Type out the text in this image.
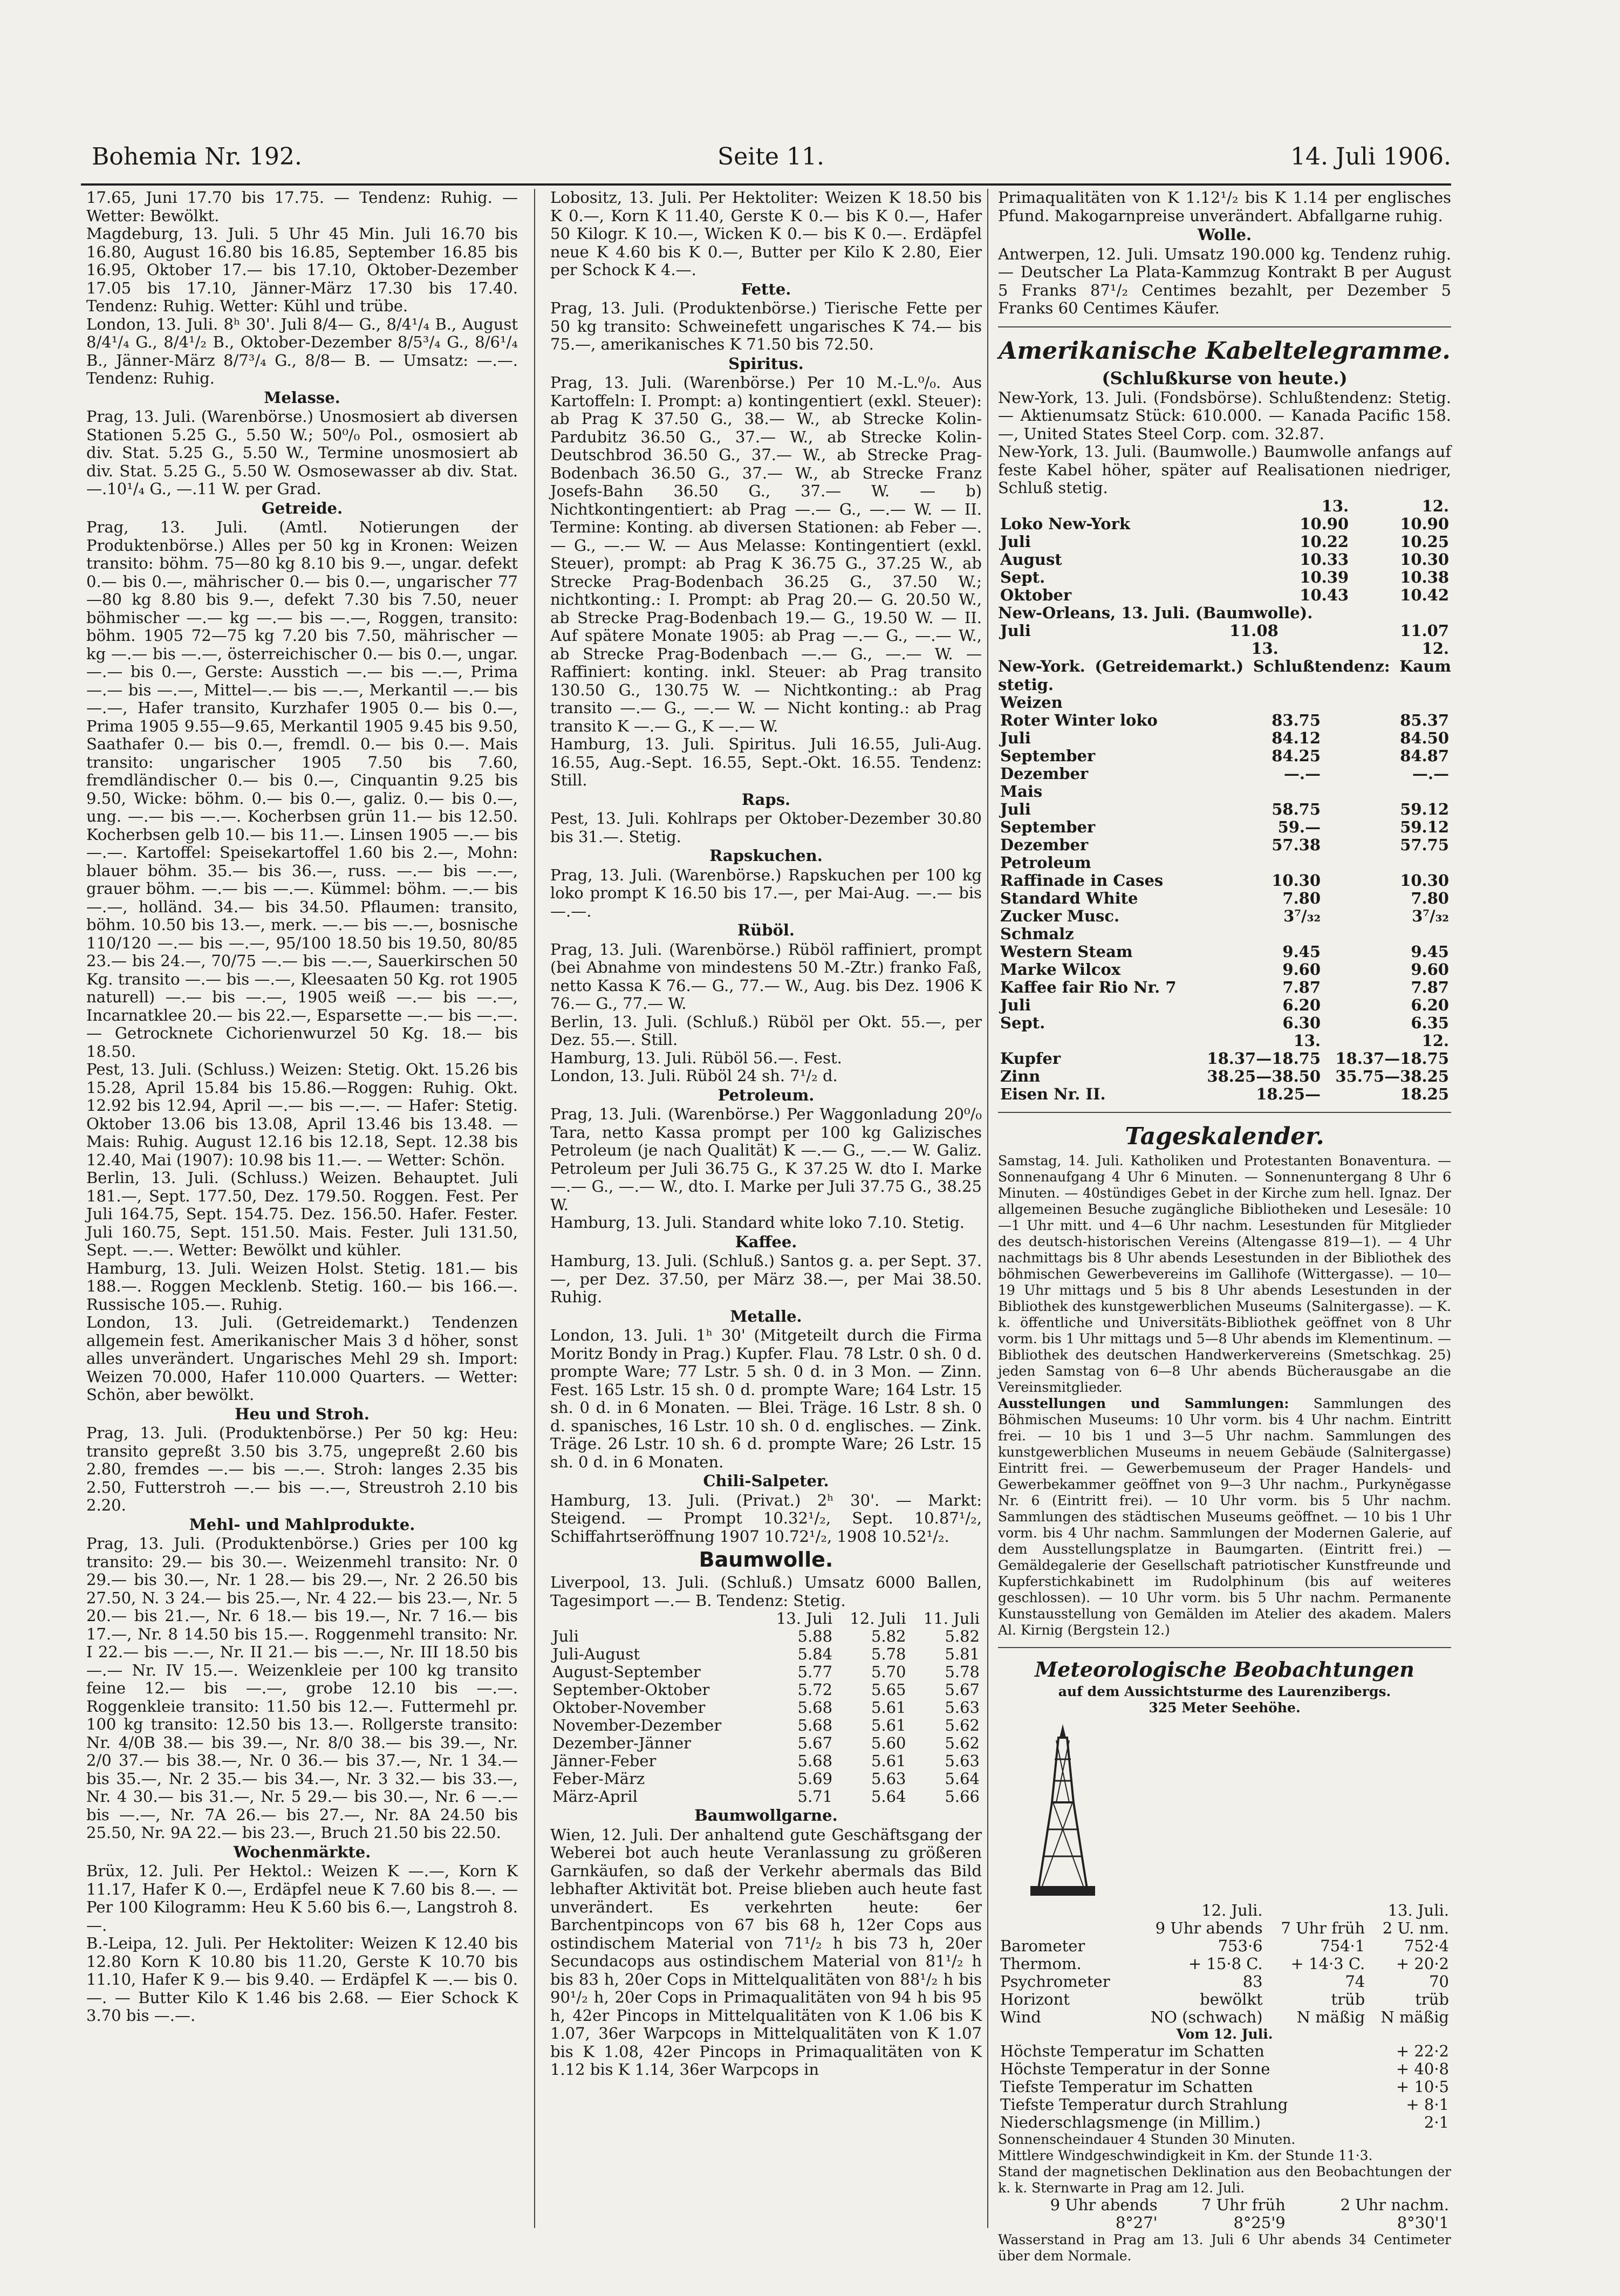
Bohemia Nr. 192.	Seite 11.	14. Juli 1906.

17.65, Juni 17.70 bis 17.75. — Tendenz: Ruhig. — Wetter: Bewölkt.

Magdeburg, 13. Juli. 5 Uhr 45 Min. Juli 16.70 bis 16.80, August 16.80 bis 16.85, September 16.85 bis 16.95, Oktober 17.— bis 17.10, Oktober-Dezember 17.05 bis 17.10, Jänner-März 17.30 bis 17.40. Tendenz: Ruhig. Wetter: Kühl und trübe.

London, 13. Juli. 8ʰ 30'. Juli 8/4— G., 8/4¹/₄ B., August 8/4¹/₄ G., 8/4¹/₂ B., Oktober-Dezember 8/5³/₄ G., 8/6¹/₄ B., Jänner-März 8/7³/₄ G., 8/8— B. — Umsatz: —.—. Tendenz: Ruhig.

Melasse.

Prag, 13. Juli. (Warenbörse.) Unosmosiert ab diversen Stationen 5.25 G., 5.50 W.; 50⁰/₀ Pol., osmosiert ab div. Stat. 5.25 G., 5.50 W., Termine unosmosiert ab div. Stat. 5.25 G., 5.50 W. Osmosewasser ab div. Stat. —.10¹/₄ G., —.11 W. per Grad.

Getreide.

Prag, 13. Juli. (Amtl. Notierungen der Produktenbörse.) Alles per 50 kg in Kronen: Weizen transito: böhm. 75—80 kg 8.10 bis 9.—, ungar. defekt 0.— bis 0.—, mährischer 0.— bis 0.—, ungarischer 77—80 kg 8.80 bis 9.—, defekt 7.30 bis 7.50, neuer böhmischer —.— kg —.— bis —.—, Roggen, transito: böhm. 1905 72—75 kg 7.20 bis 7.50, mährischer — kg —.— bis —.—, österreichischer 0.— bis 0.—, ungar. —.— bis 0.—, Gerste: Ausstich —.— bis —.—, Prima —.— bis —.—, Mittel—.— bis —.—, Merkantil —.— bis —.—, Hafer transito, Kurzhafer 1905 0.— bis 0.—, Prima 1905 9.55—9.65, Merkantil 1905 9.45 bis 9.50, Saathafer 0.— bis 0.—, fremdl. 0.— bis 0.—. Mais transito: ungarischer 1905 7.50 bis 7.60, fremdländischer 0.— bis 0.—, Cinquantin 9.25 bis 9.50, Wicke: böhm. 0.— bis 0.—, galiz. 0.— bis 0.—, ung. —.— bis —.—. Kocherbsen grün 11.— bis 12.50. Kocherbsen gelb 10.— bis 11.—. Linsen 1905 —.— bis —.—. Kartoffel: Speisekartoffel 1.60 bis 2.—, Mohn: blauer böhm. 35.— bis 36.—, russ. —.— bis —.—, grauer böhm. —.— bis —.—. Kümmel: böhm. —.— bis —.—, holländ. 34.— bis 34.50. Pflaumen: transito, böhm. 10.50 bis 13.—, merk. —.— bis —.—, bosnische 110/120 —.— bis —.—, 95/100 18.50 bis 19.50, 80/85 23.— bis 24.—, 70/75 —.— bis —.—, Sauerkirschen 50 Kg. transito —.— bis —.—, Kleesaaten 50 Kg. rot 1905 naturell) —.— bis —.—, 1905 weiß —.— bis —.—, Incarnatklee 20.— bis 22.—, Esparsette —.— bis —.—. — Getrocknete Cichorienwurzel 50 Kg. 18.— bis 18.50.

Pest, 13. Juli. (Schluss.) Weizen: Stetig. Okt. 15.26 bis 15.28, April 15.84 bis 15.86.—Roggen: Ruhig. Okt. 12.92 bis 12.94, April —.— bis —.—. — Hafer: Stetig. Oktober 13.06 bis 13.08, April 13.46 bis 13.48. — Mais: Ruhig. August 12.16 bis 12.18, Sept. 12.38 bis 12.40, Mai (1907): 10.98 bis 11.—. — Wetter: Schön.

Berlin, 13. Juli. (Schluss.) Weizen. Behauptet. Juli 181.—, Sept. 177.50, Dez. 179.50. Roggen. Fest. Per Juli 164.75, Sept. 154.75. Dez. 156.50. Hafer. Fester. Juli 160.75, Sept. 151.50. Mais. Fester. Juli 131.50, Sept. —.—. Wetter: Bewölkt und kühler.

Hamburg, 13. Juli. Weizen Holst. Stetig. 181.— bis 188.—. Roggen Mecklenb. Stetig. 160.— bis 166.—. Russische 105.—. Ruhig.

London, 13. Juli. (Getreidemarkt.) Tendenzen allgemein fest. Amerikanischer Mais 3 d höher, sonst alles unverändert. Ungarisches Mehl 29 sh. Import: Weizen 70.000, Hafer 110.000 Quarters. — Wetter: Schön, aber bewölkt.

Heu und Stroh.

Prag, 13. Juli. (Produktenbörse.) Per 50 kg: Heu: transito gepreßt 3.50 bis 3.75, ungepreßt 2.60 bis 2.80, fremdes —.— bis —.—. Stroh: langes 2.35 bis 2.50, Futterstroh —.— bis —.—, Streustroh 2.10 bis 2.20.

Mehl- und Mahlprodukte.

Prag, 13. Juli. (Produktenbörse.) Gries per 100 kg transito: 29.— bis 30.—. Weizenmehl transito: Nr. 0 29.— bis 30.—, Nr. 1 28.— bis 29.—, Nr. 2 26.50 bis 27.50, N. 3 24.— bis 25.—, Nr. 4 22.— bis 23.—, Nr. 5 20.— bis 21.—, Nr. 6 18.— bis 19.—, Nr. 7 16.— bis 17.—, Nr. 8 14.50 bis 15.—. Roggenmehl transito: Nr. I 22.— bis —.—, Nr. II 21.— bis —.—, Nr. III 18.50 bis —.— Nr. IV 15.—. Weizenkleie per 100 kg transito feine 12.— bis —.—, grobe 12.10 bis —.—. Roggenkleie transito: 11.50 bis 12.—. Futtermehl pr. 100 kg transito: 12.50 bis 13.—. Rollgerste transito: Nr. 4/0B 38.— bis 39.—, Nr. 8/0 38.— bis 39.—, Nr. 2/0 37.— bis 38.—, Nr. 0 36.— bis 37.—, Nr. 1 34.— bis 35.—, Nr. 2 35.— bis 34.—, Nr. 3 32.— bis 33.—, Nr. 4 30.— bis 31.—, Nr. 5 29.— bis 30.—, Nr. 6 —.— bis —.—, Nr. 7A 26.— bis 27.—, Nr. 8A 24.50 bis 25.50, Nr. 9A 22.— bis 23.—, Bruch 21.50 bis 22.50.

Wochenmärkte.

Brüx, 12. Juli. Per Hektol.: Weizen K —.—, Korn K 11.17, Hafer K 0.—, Erdäpfel neue K 7.60 bis 8.—. — Per 100 Kilogramm: Heu K 5.60 bis 6.—, Langstroh 8.—.

B.-Leipa, 12. Juli. Per Hektoliter: Weizen K 12.40 bis 12.80 Korn K 10.80 bis 11.20, Gerste K 10.70 bis 11.10, Hafer K 9.— bis 9.40. — Erdäpfel K —.— bis 0.—. — Butter Kilo K 1.46 bis 2.68. — Eier Schock K 3.70 bis —.—.

Lobositz, 13. Juli. Per Hektoliter: Weizen K 18.50 bis K 0.—, Korn K 11.40, Gerste K 0.— bis K 0.—, Hafer 50 Kilogr. K 10.—, Wicken K 0.— bis K 0.—. Erdäpfel neue K 4.60 bis K 0.—, Butter per Kilo K 2.80, Eier per Schock K 4.—.

Fette.

Prag, 13. Juli. (Produktenbörse.) Tierische Fette per 50 kg transito: Schweinefett ungarisches K 74.— bis 75.—, amerikanisches K 71.50 bis 72.50.

Spiritus.

Prag, 13. Juli. (Warenbörse.) Per 10 M.-L.⁰/₀. Aus Kartoffeln: I. Prompt: a) kontingentiert (exkl. Steuer): ab Prag K 37.50 G., 38.— W., ab Strecke Kolin-Pardubitz 36.50 G., 37.— W., ab Strecke Kolin-Deutschbrod 36.50 G., 37.— W., ab Strecke Prag-Bodenbach 36.50 G., 37.— W., ab Strecke Franz Josefs-Bahn 36.50 G., 37.— W. — b) Nichtkontingentiert: ab Prag —.— G., —.— W. — II. Termine: Konting. ab diversen Stationen: ab Feber —.— G., —.— W. — Aus Melasse: Kontingentiert (exkl. Steuer), prompt: ab Prag K 36.75 G., 37.25 W., ab Strecke Prag-Bodenbach 36.25 G., 37.50 W.; nichtkonting.: I. Prompt: ab Prag 20.— G. 20.50 W., ab Strecke Prag-Bodenbach 19.— G., 19.50 W. — II. Auf spätere Monate 1905: ab Prag —.— G., —.— W., ab Strecke Prag-Bodenbach —.— G., —.— W. — Raffiniert: konting. inkl. Steuer: ab Prag transito 130.50 G., 130.75 W. — Nichtkonting.: ab Prag transito —.— G., —.— W. — Nicht konting.: ab Prag transito K —.— G., K —.— W.

Hamburg, 13. Juli. Spiritus. Juli 16.55, Juli-Aug. 16.55, Aug.-Sept. 16.55, Sept.-Okt. 16.55. Tendenz: Still.

Raps.

Pest, 13. Juli. Kohlraps per Oktober-Dezember 30.80 bis 31.—. Stetig.

Rapskuchen.

Prag, 13. Juli. (Warenbörse.) Rapskuchen per 100 kg loko prompt K 16.50 bis 17.—, per Mai-Aug. —.— bis —.—.

Rüböl.

Prag, 13. Juli. (Warenbörse.) Rüböl raffiniert, prompt (bei Abnahme von mindestens 50 M.-Ztr.) franko Faß, netto Kassa K 76.— G., 77.— W., Aug. bis Dez. 1906 K 76.— G., 77.— W.

Berlin, 13. Juli. (Schluß.) Rüböl per Okt. 55.—, per Dez. 55.—. Still.

Hamburg, 13. Juli. Rüböl 56.—. Fest.

London, 13. Juli. Rüböl 24 sh. 7¹/₂ d.

Petroleum.

Prag, 13. Juli. (Warenbörse.) Per Waggonladung 20⁰/₀ Tara, netto Kassa prompt per 100 kg Galizisches Petroleum (je nach Qualität) K —.— G., —.— W. Galiz. Petroleum per Juli 36.75 G., K 37.25 W. dto I. Marke —.— G., —.— W., dto. I. Marke per Juli 37.75 G., 38.25 W.

Hamburg, 13. Juli. Standard white loko 7.10. Stetig.

Kaffee.

Hamburg, 13. Juli. (Schluß.) Santos g. a. per Sept. 37.—, per Dez. 37.50, per März 38.—, per Mai 38.50. Ruhig.

Metalle.

London, 13. Juli. 1ʰ 30' (Mitgeteilt durch die Firma Moritz Bondy in Prag.) Kupfer. Flau. 78 Lstr. 0 sh. 0 d. prompte Ware; 77 Lstr. 5 sh. 0 d. in 3 Mon. — Zinn. Fest. 165 Lstr. 15 sh. 0 d. prompte Ware; 164 Lstr. 15 sh. 0 d. in 6 Monaten. — Blei. Träge. 16 Lstr. 8 sh. 0 d. spanisches, 16 Lstr. 10 sh. 0 d. englisches. — Zink. Träge. 26 Lstr. 10 sh. 6 d. prompte Ware; 26 Lstr. 15 sh. 0 d. in 6 Monaten.

Chili-Salpeter.

Hamburg, 13. Juli. (Privat.) 2ʰ 30'. — Markt: Steigend. — Prompt 10.32¹/₂, Sept. 10.87¹/₂, Schiffahrtseröffnung 1907 10.72¹/₂, 1908 10.52¹/₂.

Baumwolle.

Liverpool, 13. Juli. (Schluß.) Umsatz 6000 Ballen, Tagesimport —.— B. Tendenz: Stetig.

	13. Juli	12. Juli	11. Juli
Juli	5.88	5.82	5.82
Juli-August	5.84	5.78	5.81
August-September	5.77	5.70	5.78
September-Oktober	5.72	5.65	5.67
Oktober-November	5.68	5.61	5.63
November-Dezember	5.68	5.61	5.62
Dezember-Jänner	5.67	5.60	5.62
Jänner-Feber	5.68	5.61	5.63
Feber-März	5.69	5.63	5.64
März-April	5.71	5.64	5.66
Baumwollgarne.

Wien, 12. Juli. Der anhaltend gute Geschäftsgang der Weberei bot auch heute Veranlassung zu größeren Garnkäufen, so daß der Verkehr abermals das Bild lebhafter Aktivität bot. Preise blieben auch heute fast unverändert. Es verkehrten heute: 6er Barchentpincops von 67 bis 68 h, 12er Cops aus ostindischem Material von 71¹/₂ h bis 73 h, 20er Secundacops aus ostindischem Material von 81¹/₂ h bis 83 h, 20er Cops in Mittelqualitäten von 88¹/₂ h bis 90¹/₂ h, 20er Cops in Primaqualitäten von 94 h bis 95 h, 42er Pincops in Mittelqualitäten von K 1.06 bis K 1.07, 36er Warpcops in Mittelqualitäten von K 1.07 bis K 1.08, 42er Pincops in Primaqualitäten von K 1.12 bis K 1.14, 36er Warpcops in

Primaqualitäten von K 1.12¹/₂ bis K 1.14 per englisches Pfund. Makogarnpreise unverändert. Abfallgarne ruhig.

Wolle.

Antwerpen, 12. Juli. Umsatz 190.000 kg. Tendenz ruhig. — Deutscher La Plata-Kammzug Kontrakt B per August 5 Franks 87¹/₂ Centimes bezahlt, per Dezember 5 Franks 60 Centimes Käufer.

Amerikanische Kabeltelegramme.
(Schlußkurse von heute.)

New-York, 13. Juli. (Fondsbörse). Schlußtendenz: Stetig. — Aktienumsatz Stück: 610.000. — Kanada Pacific 158.—, United States Steel Corp. com. 32.87.

New-York, 13. Juli. (Baumwolle.) Baumwolle anfangs auf feste Kabel höher, später auf Realisationen niedriger, Schluß stetig.

	13.	12.
Loko New-York	10.90	10.90
Juli	10.22	10.25
August	10.33	10.30
Sept.	10.39	10.38
Oktober	10.43	10.42

New-Orleans, 13. Juli. (Baumwolle).

Juli	11.08	11.07
	13.	12.

New-York. (Getreidemarkt.) Schlußtendenz: Kaum stetig.

Weizen		
Roter Winter loko	83.75	85.37
Juli	84.12	84.50
September	84.25	84.87
Dezember	—.—	—.—
Mais		
Juli	58.75	59.12
September	59.—	59.12
Dezember	57.38	57.75
Petroleum		
Raffinade in Cases	10.30	10.30
Standard White	7.80	7.80
Zucker Musc.	3⁷/₃₂	3⁷/₃₂
Schmalz		
Western Steam	9.45	9.45
Marke Wilcox	9.60	9.60
Kaffee fair Rio Nr. 7	7.87	7.87
Juli	6.20	6.20
Sept.	6.30	6.35
	13.	12.
Kupfer	18.37—18.75	18.37—18.75
Zinn	38.25—38.50	35.75—38.25
Eisen Nr. II.	18.25—	18.25
Tageskalender.

Samstag, 14. Juli. Katholiken und Protestanten Bonaventura. — Sonnenaufgang 4 Uhr 6 Minuten. — Sonnenuntergang 8 Uhr 6 Minuten. — 40stündiges Gebet in der Kirche zum hell. Ignaz. Der allgemeinen Besuche zugängliche Bibliotheken und Lesesäle: 10—1 Uhr mitt. und 4—6 Uhr nachm. Lesestunden für Mitglieder des deutsch-historischen Vereins (Altengasse 819—1). — 4 Uhr nachmittags bis 8 Uhr abends Lesestunden in der Bibliothek des böhmischen Gewerbevereins im Gallihofe (Wittergasse). — 10—19 Uhr mittags und 5 bis 8 Uhr abends Lesestunden in der Bibliothek des kunstgewerblichen Museums (Salnitergasse). — K. k. öffentliche und Universitäts-Bibliothek geöffnet von 8 Uhr vorm. bis 1 Uhr mittags und 5—8 Uhr abends im Klementinum. — Bibliothek des deutschen Handwerkervereins (Smetschkag. 25) jeden Samstag von 6—8 Uhr abends Bücherausgabe an die Vereinsmitglieder.

Ausstellungen und Sammlungen: Sammlungen des Böhmischen Museums: 10 Uhr vorm. bis 4 Uhr nachm. Eintritt frei. — 10 bis 1 und 3—5 Uhr nachm. Sammlungen des kunstgewerblichen Museums in neuem Gebäude (Salnitergasse) Eintritt frei. — Gewerbemuseum der Prager Handels- und Gewerbekammer geöffnet von 9—3 Uhr nachm., Purkyněgasse Nr. 6 (Eintritt frei). — 10 Uhr vorm. bis 5 Uhr nachm. Sammlungen des städtischen Museums geöffnet. — 10 bis 1 Uhr vorm. bis 4 Uhr nachm. Sammlungen der Modernen Galerie, auf dem Ausstellungsplatze in Baumgarten. (Eintritt frei.) — Gemäldegalerie der Gesellschaft patriotischer Kunstfreunde und Kupferstichkabinett im Rudolphinum (bis auf weiteres geschlossen). — 10 Uhr vorm. bis 5 Uhr nachm. Permanente Kunstausstellung von Gemälden im Atelier des akadem. Malers Al. Kirnig (Bergstein 12.)

Meteorologische Beobachtungen
auf dem Aussichtsturme des Laurenzibergs.
325 Meter Seehöhe.
	12. Juli.	13. Juli.	
	9 Uhr abends	7 Uhr früh	2 U. nm.
Barometer	753·6	754·1	752·4
Thermom.	+ 15·8 C.	+ 14·3 C.	+ 20·2
Psychrometer	83	74	70
Horizont	bewölkt	trüb	trüb
Wind	NO (schwach)	N mäßig	N mäßig
Vom 12. Juli.
Höchste Temperatur im Schatten	+ 22·2
Höchste Temperatur in der Sonne	+ 40·8
Tiefste Temperatur im Schatten	+ 10·5
Tiefste Temperatur durch Strahlung	+ 8·1
Niederschlagsmenge (in Millim.)	2·1

Sonnenscheindauer 4 Stunden 30 Minuten.

Mittlere Windgeschwindigkeit in Km. der Stunde 11·3.

Stand der magnetischen Deklination aus den Beobachtungen der k. k. Sternwarte in Prag am 12. Juli.

9 Uhr abends	7 Uhr früh	2 Uhr nachm.
8°27'	8°25'9	8°30'1

Wasserstand in Prag am 13. Juli 6 Uhr abends 34 Centimeter über dem Normale.
